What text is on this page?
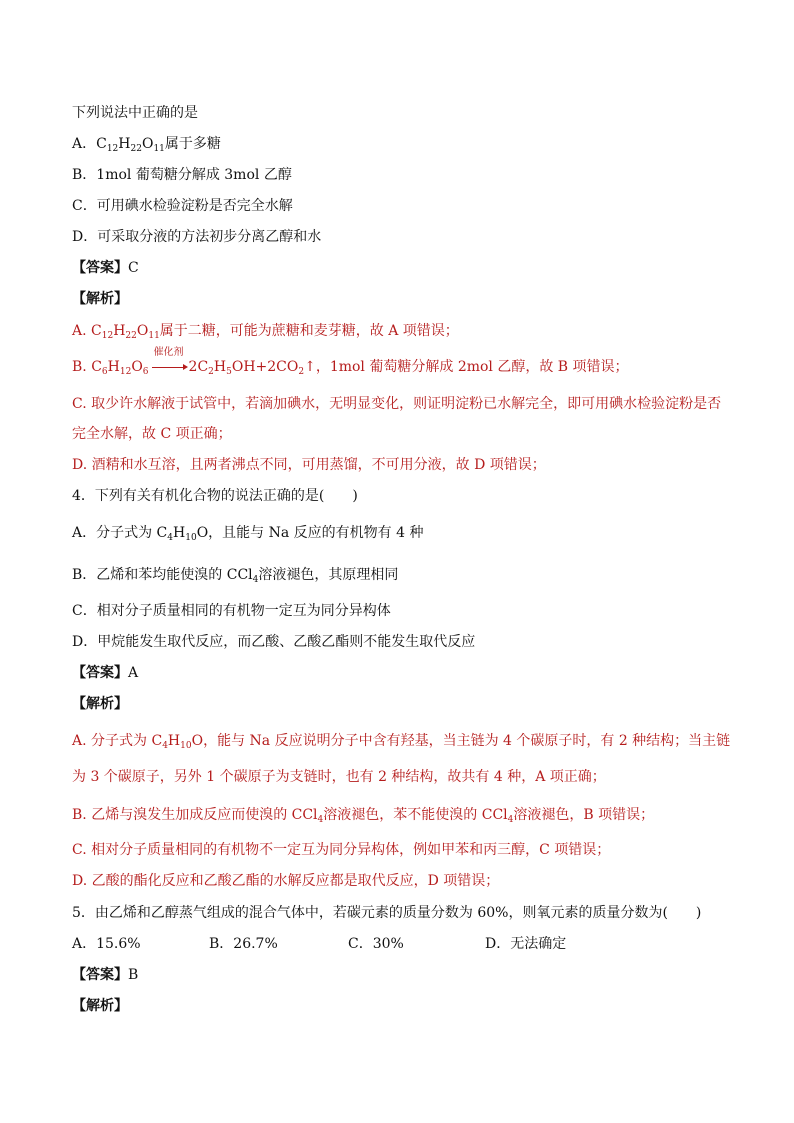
下列说法中正确的是
A．$C_{12}H_{22}O_{11}$属于多糖
B．1mol 葡萄糖分解成 3mol 乙醇
C．可用碘水检验淀粉是否完全水解
D．可采取分液的方法初步分离乙醇和水
【答案】C
【解析】
A. $C_{12}H_{22}O_{11}$属于二糖，可能为蔗糖和麦芽糖，故 A 项错误；
B. $C_6H_{12}O_6$
催化剂
$2C_2H_5OH+2CO_2↑$，1mol 葡萄糖分解成 2mol 乙醇，故 B 项错误；
C. 取少许水解液于试管中，若滴加碘水，无明显变化，则证明淀粉已水解完全，即可用碘水检验淀粉是否
完全水解，故 C 项正确；
D. 酒精和水互溶，且两者沸点不同，可用蒸馏，不可用分液，故 D 项错误；
4．下列有关有机化合物的说法正确的是(　　)
A．分子式为 $C_4H_{10}O$，且能与 Na 反应的有机物有 4 种
B．乙烯和苯均能使溴的 CCl$_4$溶液褪色，其原理相同
C．相对分子质量相同的有机物一定互为同分异构体
D．甲烷能发生取代反应，而乙酸、乙酸乙酯则不能发生取代反应
【答案】A
【解析】
A. 分子式为 $C_4H_{10}O$，能与 Na 反应说明分子中含有羟基，当主链为 4 个碳原子时，有 2 种结构；当主链
为 3 个碳原子，另外 1 个碳原子为支链时，也有 2 种结构，故共有 4 种，A 项正确；
B. 乙烯与溴发生加成反应而使溴的 CCl$_4$溶液褪色，苯不能使溴的 CCl$_4$溶液褪色，B 项错误；
C. 相对分子质量相同的有机物不一定互为同分异构体，例如甲苯和丙三醇，C 项错误；
D. 乙酸的酯化反应和乙酸乙酯的水解反应都是取代反应，D 项错误；
5．由乙烯和乙醇蒸气组成的混合气体中，若碳元素的质量分数为 60%，则氧元素的质量分数为(　　)
A．15.6%	B．26.7%	C．30%	D．无法确定
【答案】B
【解析】
